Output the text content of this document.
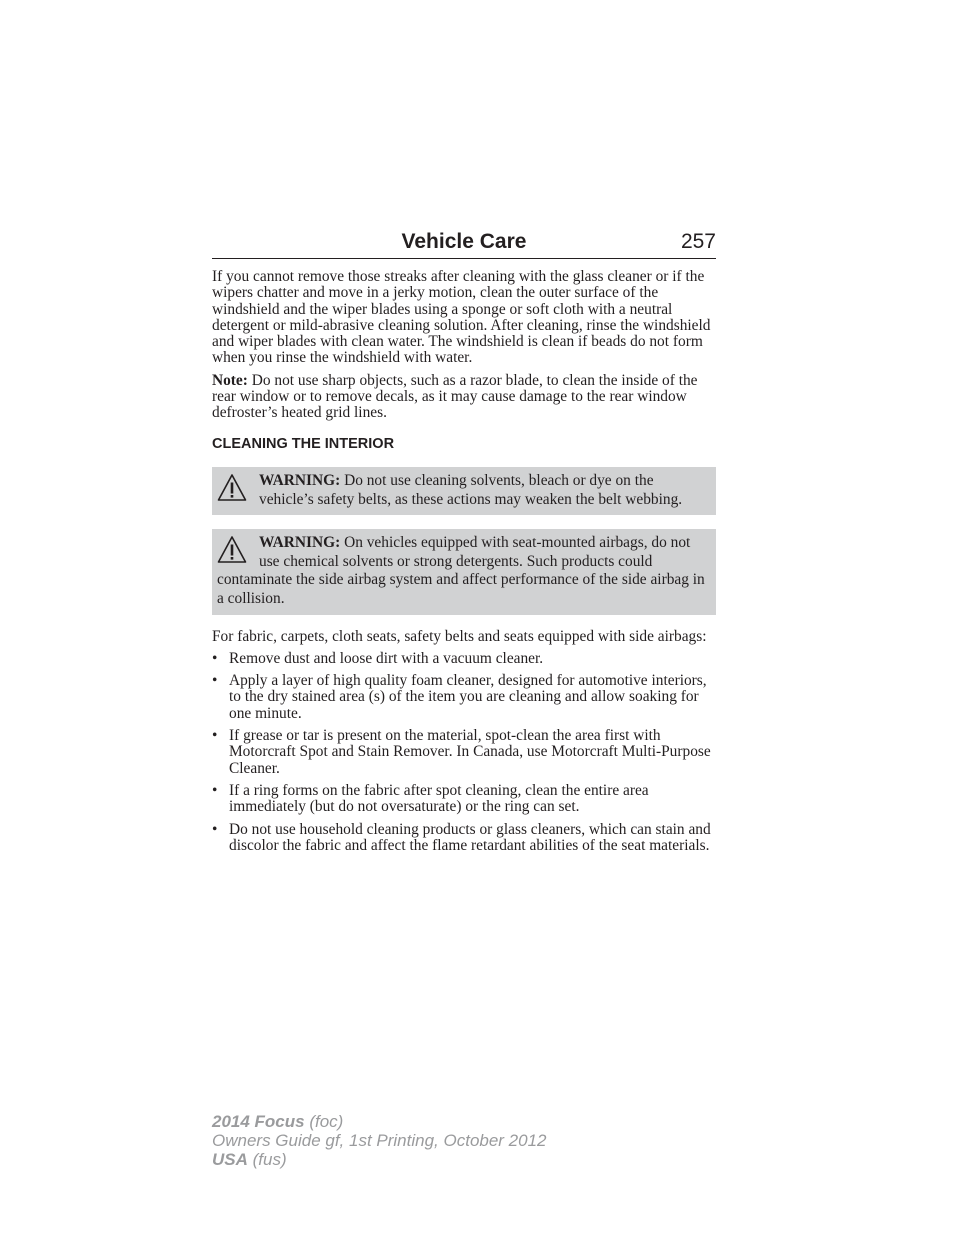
Vehicle Care	257

If you cannot remove those streaks after cleaning with the glass cleaner or if the wipers chatter and move in a jerky motion, clean the outer surface of the windshield and the wiper blades using a sponge or soft cloth with a neutral detergent or mild-abrasive cleaning solution. After cleaning, rinse the windshield and wiper blades with clean water. The windshield is clean if beads do not form when you rinse the windshield with water.

Note: Do not use sharp objects, such as a razor blade, to clean the inside of the rear window or to remove decals, as it may cause damage to the rear window defroster’s heated grid lines.

CLEANING THE INTERIOR
WARNING: Do not use cleaning solvents, bleach or dye on the vehicle’s safety belts, as these actions may weaken the belt webbing.
WARNING: On vehicles equipped with seat-mounted airbags, do not use chemical solvents or strong detergents. Such products could contaminate the side airbag system and affect performance of the side airbag in a collision.

For fabric, carpets, cloth seats, safety belts and seats equipped with side airbags:

• Remove dust and loose dirt with a vacuum cleaner.
• Apply a layer of high quality foam cleaner, designed for automotive interiors, to the dry stained area (s) of the item you are cleaning and allow soaking for one minute.
• If grease or tar is present on the material, spot-clean the area first with Motorcraft Spot and Stain Remover. In Canada, use Motorcraft Multi-Purpose Cleaner.
• If a ring forms on the fabric after spot cleaning, clean the entire area immediately (but do not oversaturate) or the ring can set.
• Do not use household cleaning products or glass cleaners, which can stain and discolor the fabric and affect the flame retardant abilities of the seat materials.
2014 Focus (foc)
Owners Guide gf, 1st Printing, October 2012
USA (fus)
